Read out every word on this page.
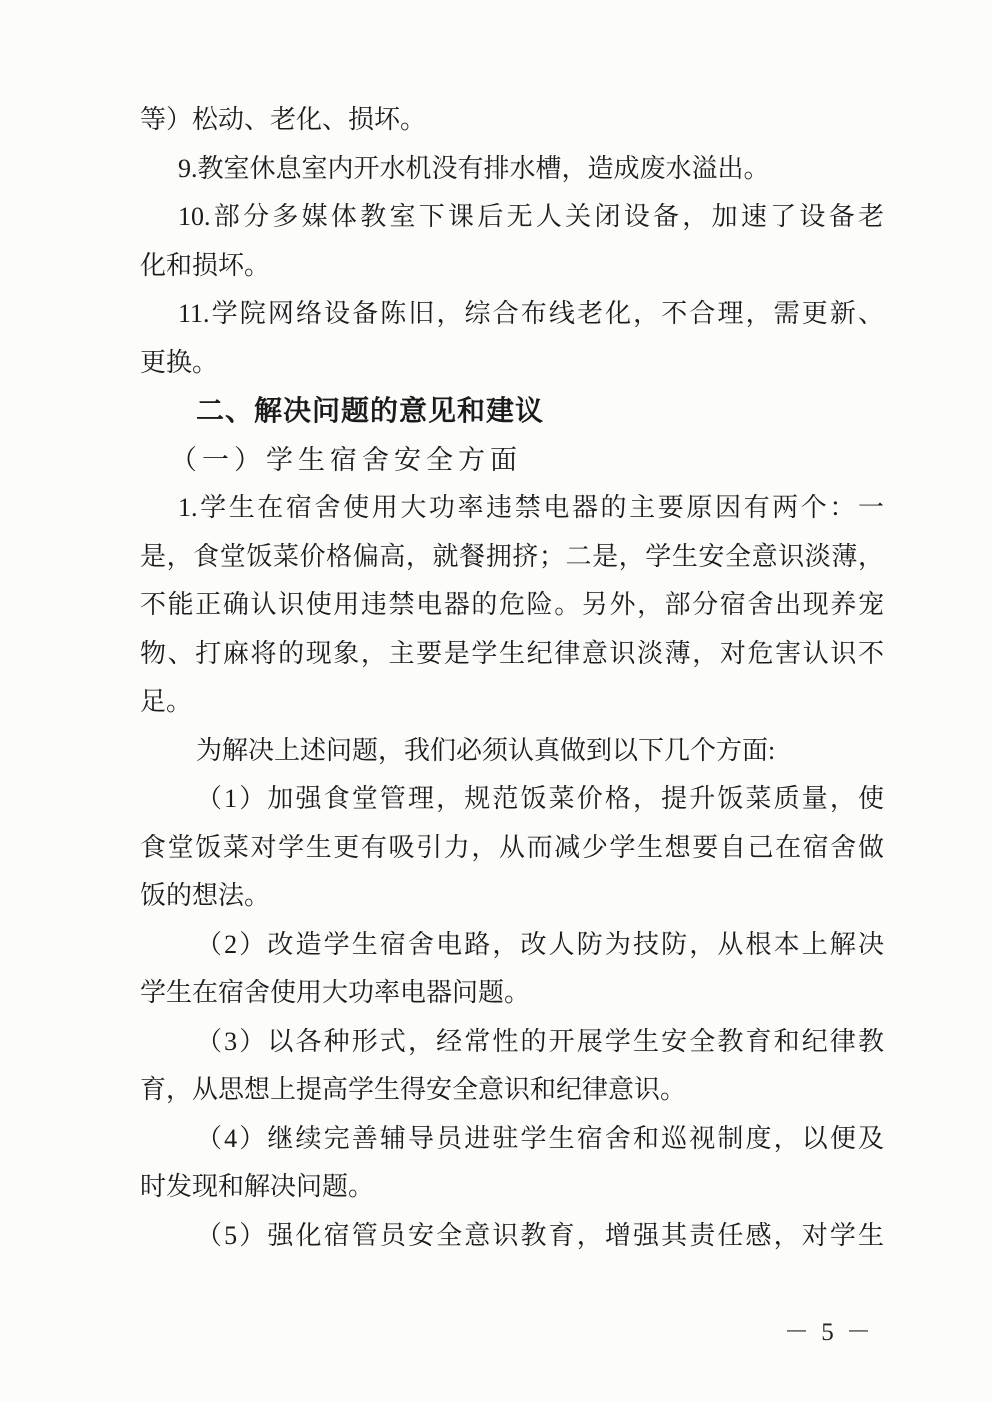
等）松动、老化、损坏。
9.教室休息室内开水机没有排水槽，造成废水溢出。
10.部分多媒体教室下课后无人关闭设备，加速了设备老
化和损坏。
11.学院网络设备陈旧，综合布线老化，不合理，需更新、
更换。
二、解决问题的意见和建议
（一）学生宿舍安全方面
1.学生在宿舍使用大功率违禁电器的主要原因有两个：一
是，食堂饭菜价格偏高，就餐拥挤；二是，学生安全意识淡薄，
不能正确认识使用违禁电器的危险。另外，部分宿舍出现养宠
物、打麻将的现象，主要是学生纪律意识淡薄，对危害认识不
足。
为解决上述问题，我们必须认真做到以下几个方面:
（1）加强食堂管理，规范饭菜价格，提升饭菜质量，使
食堂饭菜对学生更有吸引力，从而减少学生想要自己在宿舍做
饭的想法。
（2）改造学生宿舍电路，改人防为技防，从根本上解决
学生在宿舍使用大功率电器问题。
（3）以各种形式，经常性的开展学生安全教育和纪律教
育，从思想上提高学生得安全意识和纪律意识。
（4）继续完善辅导员进驻学生宿舍和巡视制度，以便及
时发现和解决问题。
（5）强化宿管员安全意识教育，增强其责任感，对学生
－ 5 －
